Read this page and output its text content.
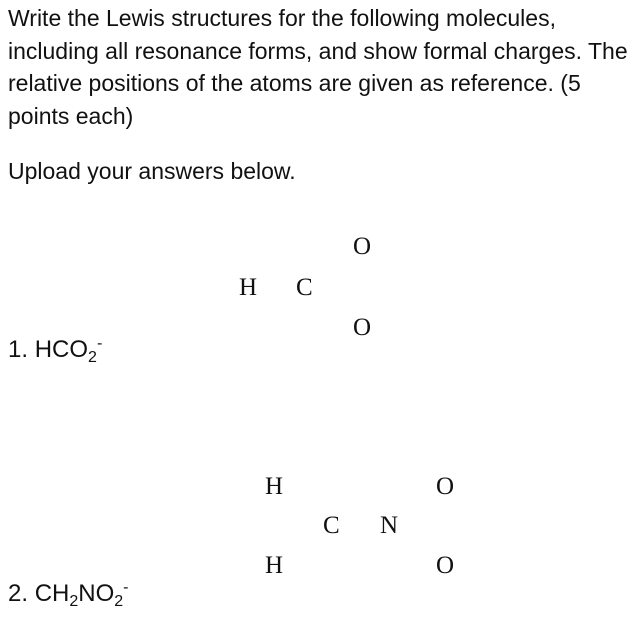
Write the Lewis structures for the following molecules, including all resonance forms, and show formal charges. The relative positions of the atoms are given as reference. (5 points each)

Upload your answers below.

O
H C
O
1. $HCO_2^-$
H	O
C N
H	O
2. $CH_2NO_2^-$
